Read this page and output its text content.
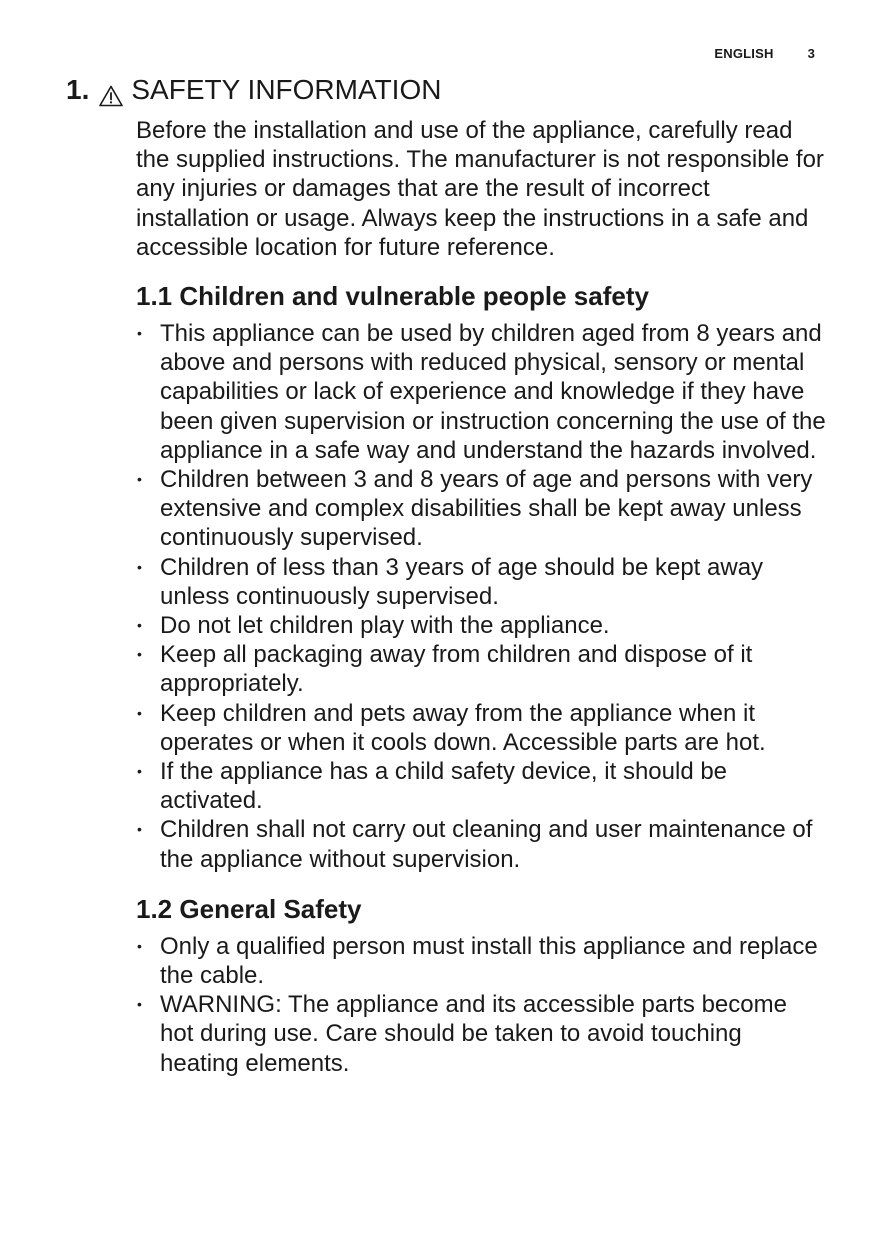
ENGLISH	3
1. SAFETY INFORMATION

Before the installation and use of the appliance, carefully read the supplied instructions. The manufacturer is not responsible for any injuries or damages that are the result of incorrect installation or usage. Always keep the instructions in a safe and accessible location for future reference.

1.1 Children and vulnerable people safety
• This appliance can be used by children aged from 8 years and above and persons with reduced physical, sensory or mental capabilities or lack of experience and knowledge if they have been given supervision or instruction concerning the use of the appliance in a safe way and understand the hazards involved.
• Children between 3 and 8 years of age and persons with very extensive and complex disabilities shall be kept away unless continuously supervised.
• Children of less than 3 years of age should be kept away unless continuously supervised.
• Do not let children play with the appliance.
• Keep all packaging away from children and dispose of it appropriately.
• Keep children and pets away from the appliance when it operates or when it cools down. Accessible parts are hot.
• If the appliance has a child safety device, it should be activated.
• Children shall not carry out cleaning and user maintenance of the appliance without supervision.
1.2 General Safety
• Only a qualified person must install this appliance and replace the cable.
• WARNING: The appliance and its accessible parts become hot during use. Care should be taken to avoid touching heating elements.
